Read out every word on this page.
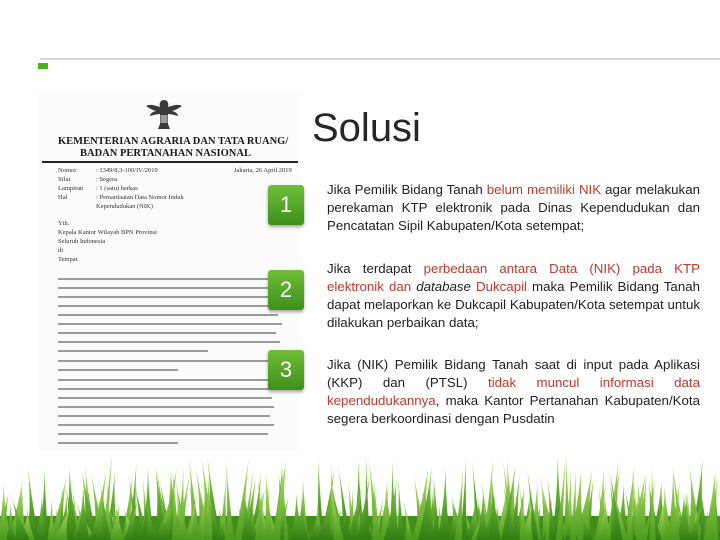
KEMENTERIAN AGRARIA DAN TATA RUANG/
BADAN PERTANAHAN NASIONAL
Nomor	: 1349/8.3-100/IV/2019
Sifat	: Segera
Lampiran : 1 (satu) berkas
Hal	: Pemanfaatan Data Nomor Induk
Kependudukan (NIK)
Jakarta, 26 April 2019
Yth.
Kepala Kantor Wilayah BPN Provinsi
Seluruh Indonesia
di
Tempat
Solusi
1
2
3
Jika Pemilik Bidang Tanah belum memiliki NIK agar melakukan perekaman KTP elektronik pada Dinas Kependudukan dan Pencatatan Sipil Kabupaten/Kota setempat;
Jika terdapat perbedaan antara Data (NIK) pada KTP elektronik dan database Dukcapil maka Pemilik Bidang Tanah dapat melaporkan ke Dukcapil Kabupaten/Kota setempat untuk dilakukan perbaikan data;
Jika (NIK) Pemilik Bidang Tanah saat di input pada Aplikasi (KKP) dan (PTSL) tidak muncul informasi data kependudukannya, maka Kantor Pertanahan Kabupaten/Kota segera berkoordinasi dengan Pusdatin
